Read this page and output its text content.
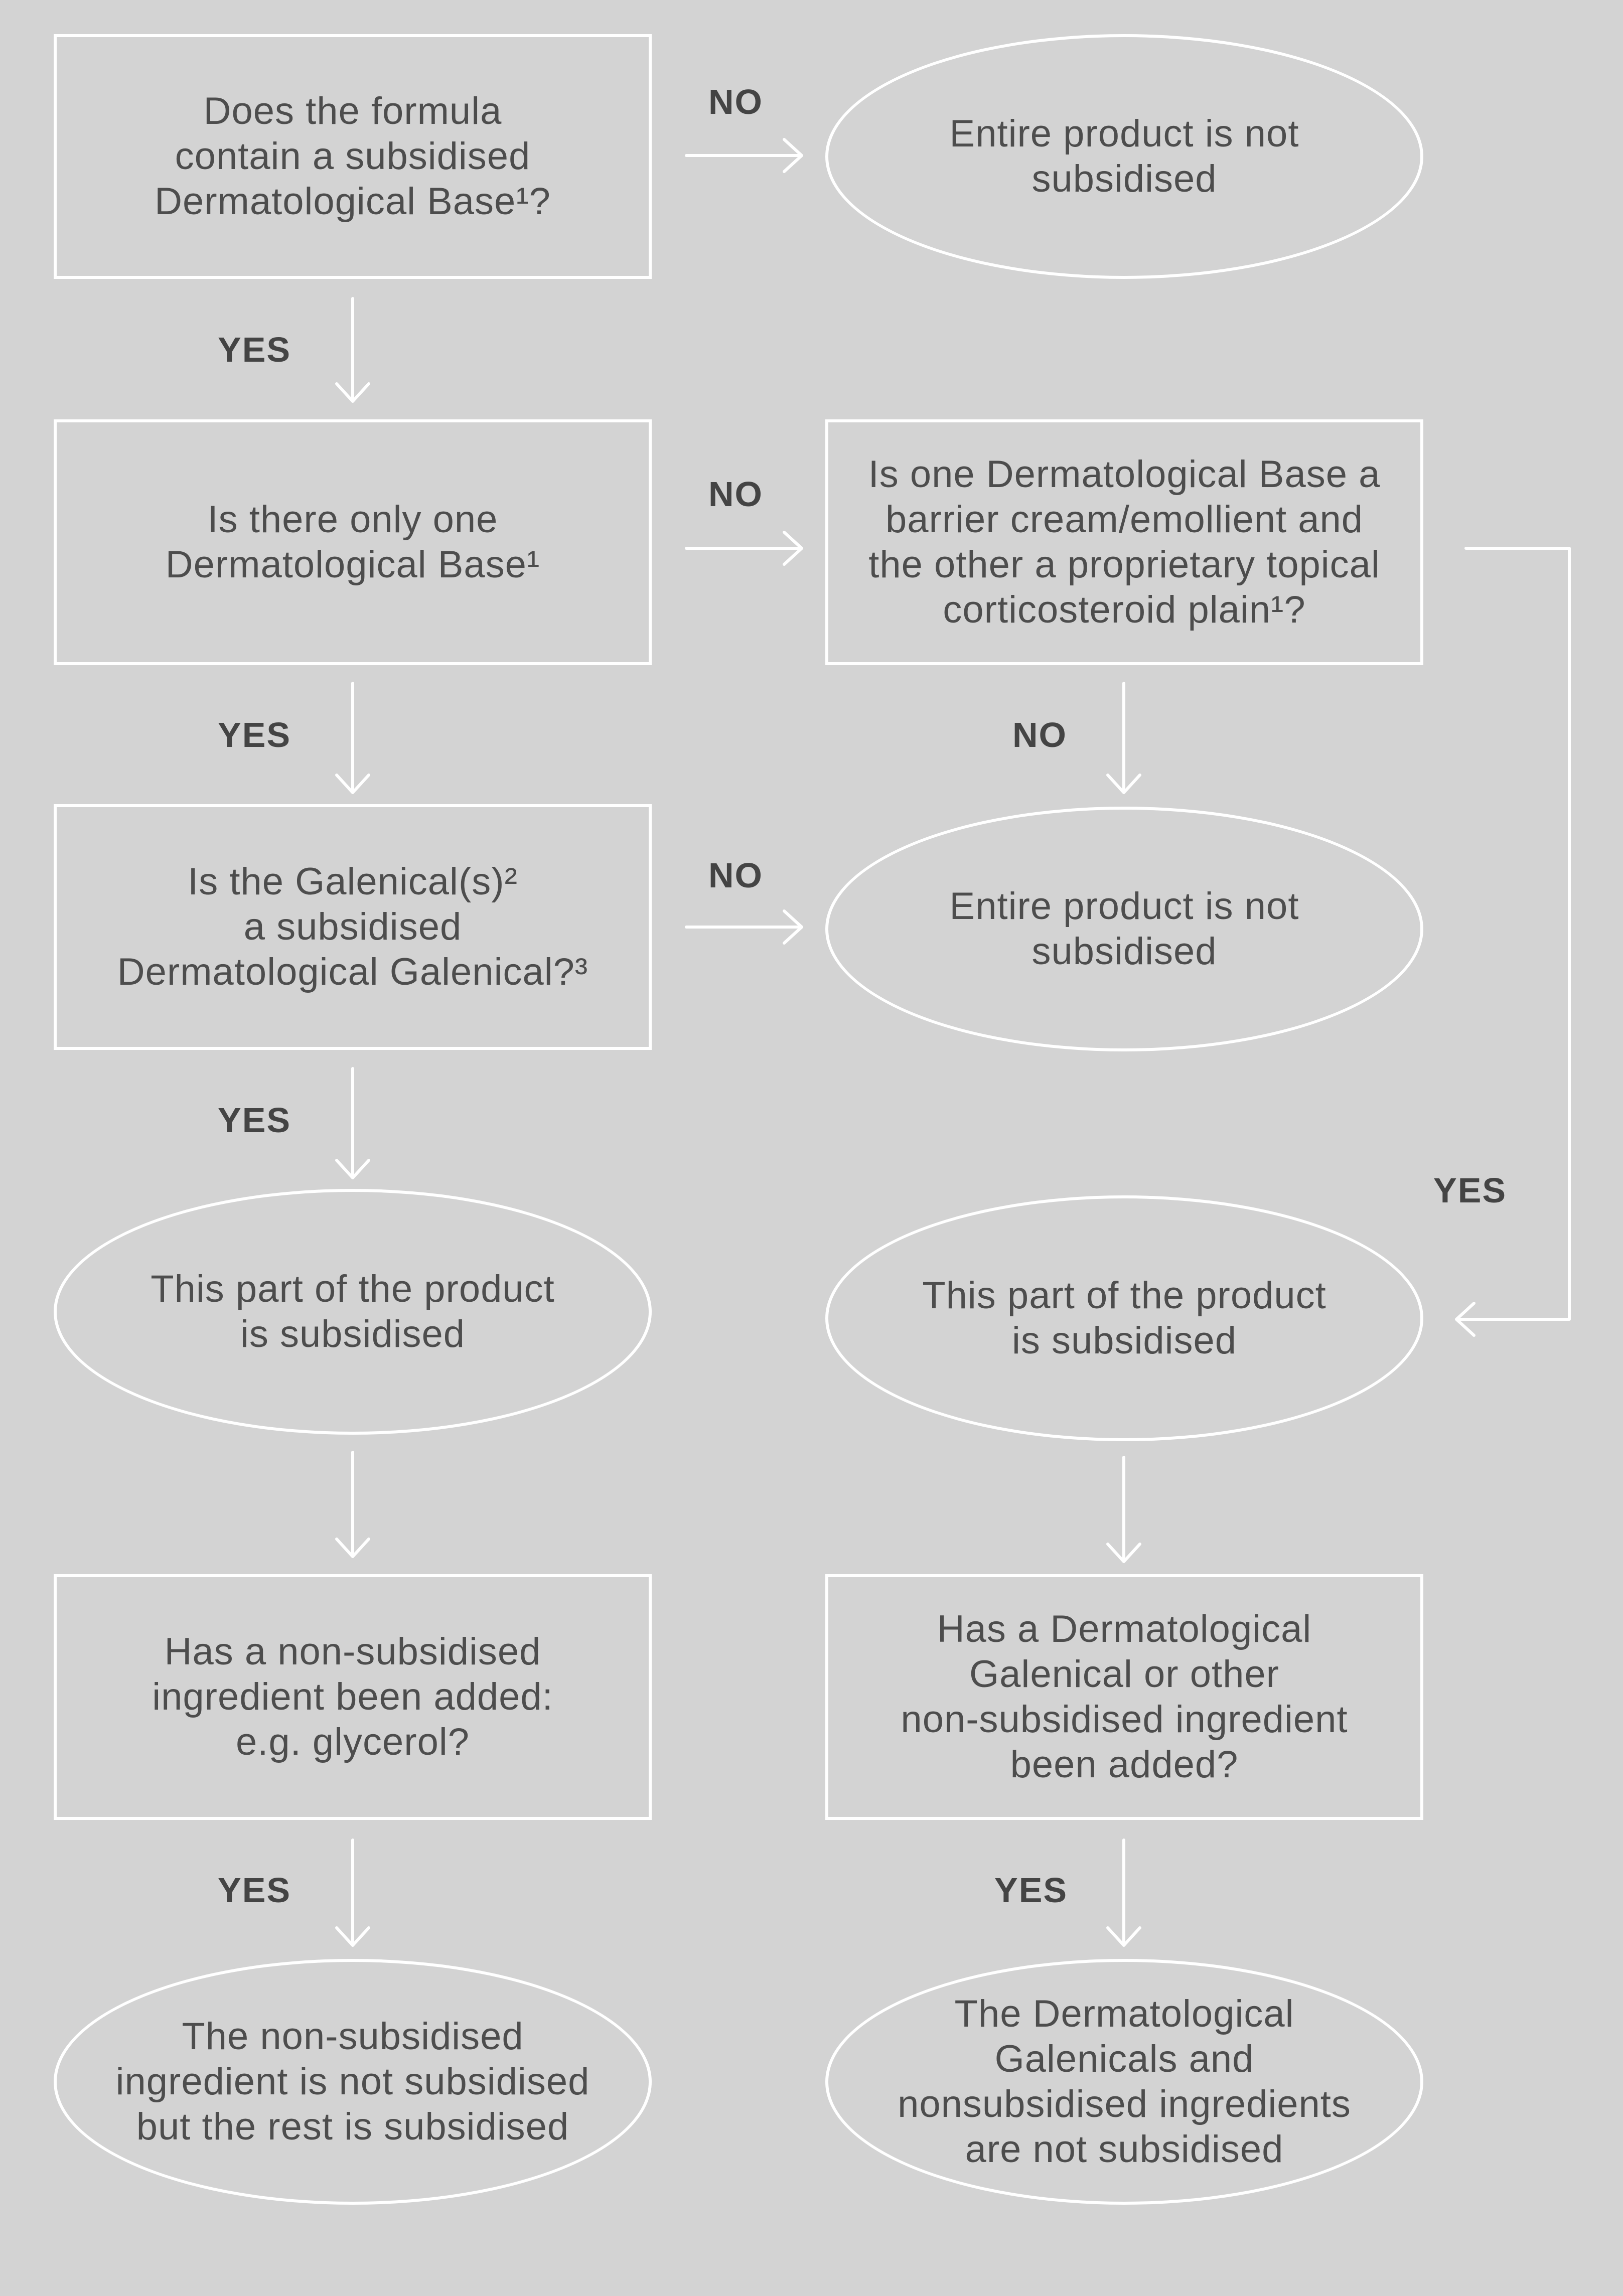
Does the formula
contain a subsidised
Dermatological Base¹?
Entire product is not
subsidised
Is there only one
Dermatological Base¹
Is one Dermatological Base a
barrier cream/emollient and
the other a proprietary topical
corticosteroid plain¹?
Is the Galenical(s)²
a subsidised
Dermatological Galenical?³
Entire product is not
subsidised
This part of the product
is subsidised
This part of the product
is subsidised
Has a non-subsidised
ingredient been added:
e.g. glycerol?
Has a Dermatological
Galenical or other
non-subsidised ingredient
been added?
The non-subsidised
ingredient is not subsidised
but the rest is subsidised
The Dermatological
Galenicals and
nonsubsidised ingredients
are not subsidised
NO
YES
NO
YES	NO
YES
NO
YES
YES	YES
